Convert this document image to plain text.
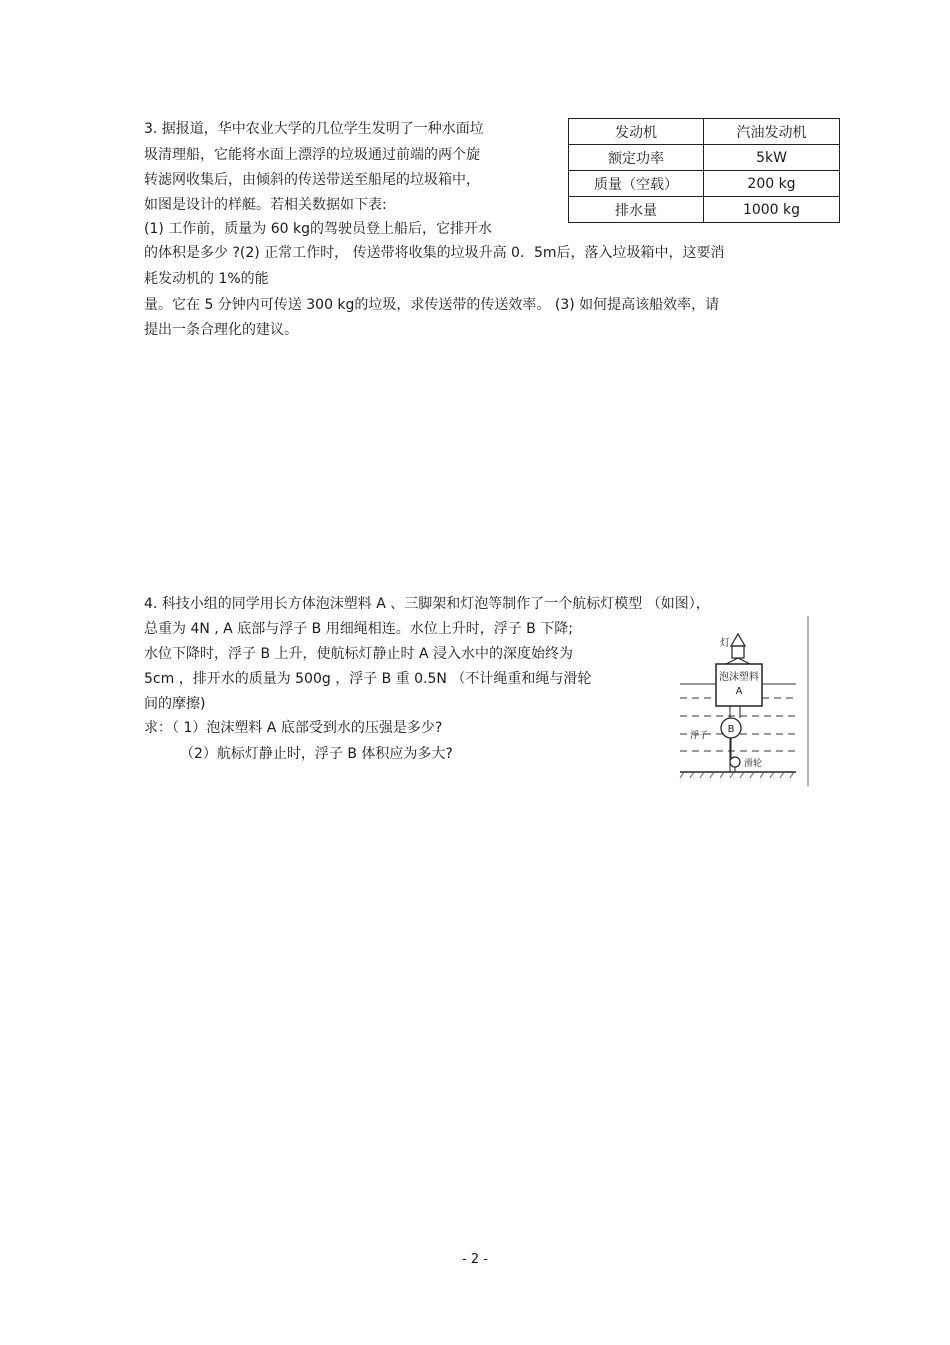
3. 据报道，华中农业大学的几位学生发明了一种水面垃
圾清理船，它能将水面上漂浮的垃圾通过前端的两个旋
转滤网收集后，由倾斜的传送带送至船尾的垃圾箱中，
如图是设计的样艇。若相关数据如下表:
(1) 工作前，质量为 60 kg的驾驶员登上船后，它排开水
的体积是多少 ?(2) 正常工作时， 传送带将收集的垃圾升高 0．5m后，落入垃圾箱中，这要消
耗发动机的 1%的能
量。它在 5 分钟内可传送 300 kg的垃圾，求传送带的传送效率。 (3) 如何提高该船效率，请
提出一条合理化的建议。
发动机	汽油发动机
额定功率	5kW
质量（空载）	200 kg
排水量	1000 kg
4. 科技小组的同学用长方体泡沫塑料 A 、三脚架和灯泡等制作了一个航标灯模型 （如图），
总重为 4N , A 底部与浮子 B 用细绳相连。水位上升时，浮子 B 下降;
水位下降时，浮子 B 上升，使航标灯静止时 A 浸入水中的深度始终为
5cm ，排开水的质量为 500g ，浮子 B 重 0.5N （不计绳重和绳与滑轮
间的摩擦)
求：（ 1）泡沫塑料 A 底部受到水的压强是多少?
（2）航标灯静止时，浮子 B 体积应为多大?
灯
泡沫塑料
A
B
浮子
滑轮
- 2 -
